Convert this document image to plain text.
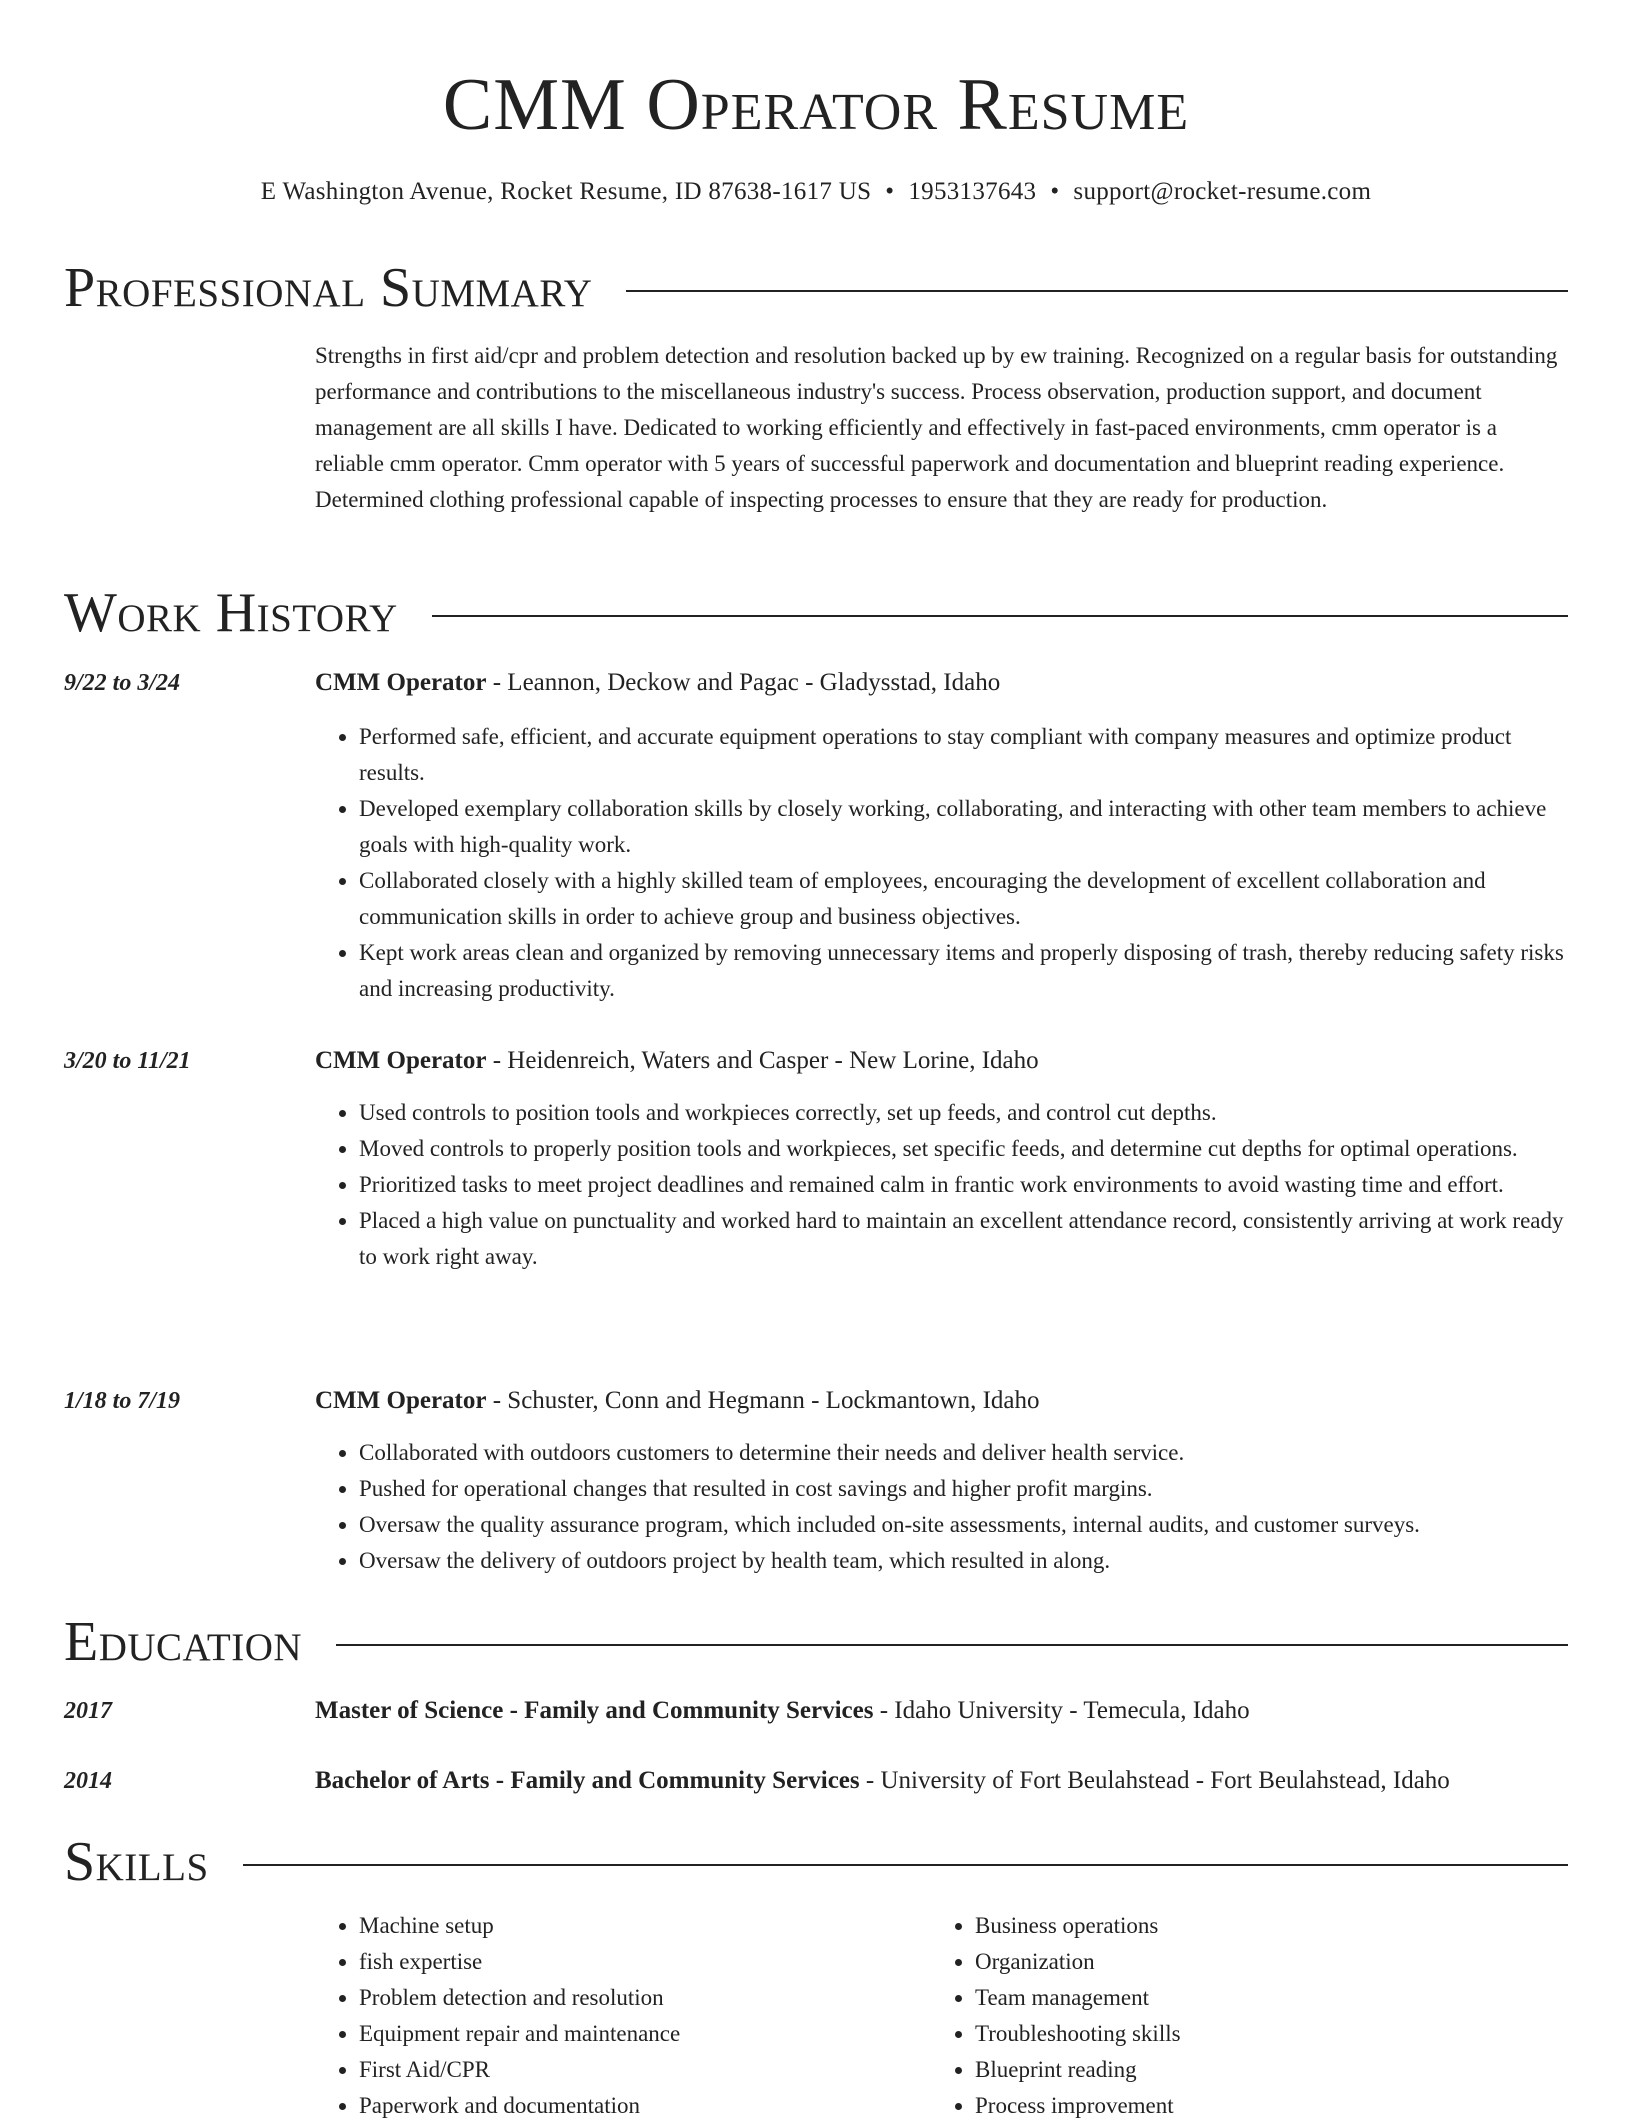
CMM Operator Resume
E Washington Avenue, Rocket Resume, ID 87638-1617 US • 1953137643 • support@rocket-resume.com
Professional Summary

Strengths in first aid/cpr and problem detection and resolution backed up by ew training. Recognized on a regular basis for outstanding performance and contributions to the miscellaneous industry's success. Process observation, production support, and document management are all skills I have. Dedicated to working efficiently and effectively in fast-paced environments, cmm operator is a reliable cmm operator. Cmm operator with 5 years of successful paperwork and documentation and blueprint reading experience. Determined clothing professional capable of inspecting processes to ensure that they are ready for production.

Work History
9/22 to 3/24	CMM Operator - Leannon, Deckow and Pagac - Gladysstad, Idaho
• Performed safe, efficient, and accurate equipment operations to stay compliant with company measures and optimize product results.
• Developed exemplary collaboration skills by closely working, collaborating, and interacting with other team members to achieve goals with high-quality work.
• Collaborated closely with a highly skilled team of employees, encouraging the development of excellent collaboration and communication skills in order to achieve group and business objectives.
• Kept work areas clean and organized by removing unnecessary items and properly disposing of trash, thereby reducing safety risks and increasing productivity.
3/20 to 11/21	CMM Operator - Heidenreich, Waters and Casper - New Lorine, Idaho
• Used controls to position tools and workpieces correctly, set up feeds, and control cut depths.
• Moved controls to properly position tools and workpieces, set specific feeds, and determine cut depths for optimal operations.
• Prioritized tasks to meet project deadlines and remained calm in frantic work environments to avoid wasting time and effort.
• Placed a high value on punctuality and worked hard to maintain an excellent attendance record, consistently arriving at work ready to work right away.
1/18 to 7/19	CMM Operator - Schuster, Conn and Hegmann - Lockmantown, Idaho
• Collaborated with outdoors customers to determine their needs and deliver health service.
• Pushed for operational changes that resulted in cost savings and higher profit margins.
• Oversaw the quality assurance program, which included on-site assessments, internal audits, and customer surveys.
• Oversaw the delivery of outdoors project by health team, which resulted in along.
Education
2017	Master of Science - Family and Community Services - Idaho University - Temecula, Idaho
2014	Bachelor of Arts - Family and Community Services - University of Fort Beulahstead - Fort Beulahstead, Idaho
Skills
• Machine setup
• fish expertise
• Problem detection and resolution
• Equipment repair and maintenance
• First Aid/CPR
• Paperwork and documentation
• Business operations
• Organization
• Team management
• Troubleshooting skills
• Blueprint reading
• Process improvement
